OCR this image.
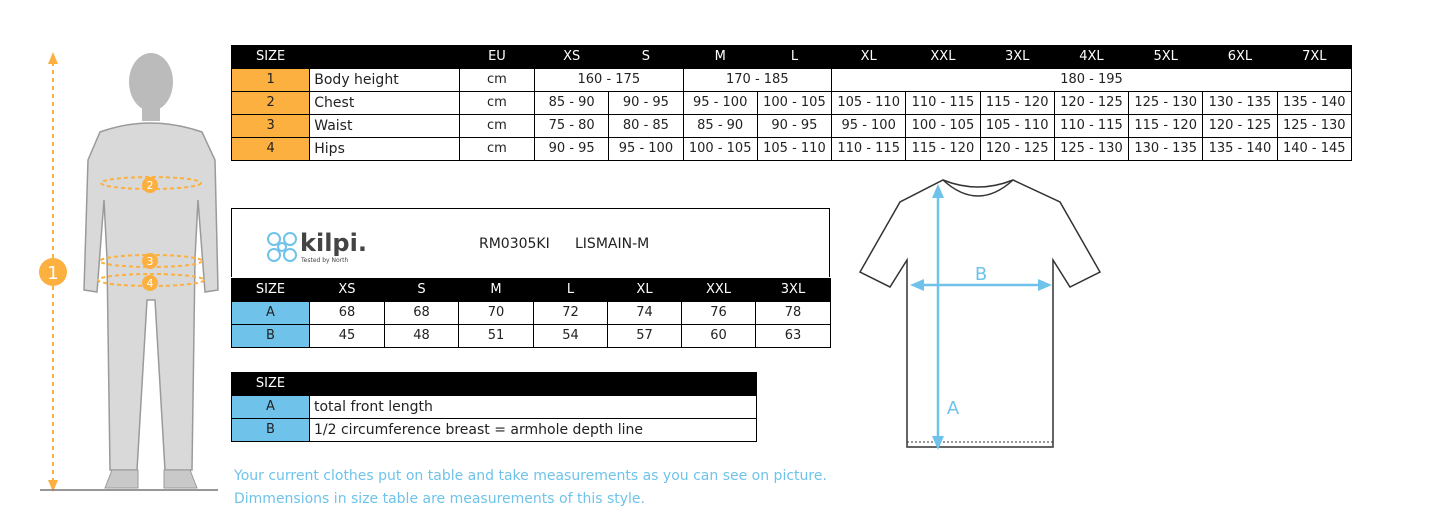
1
2
3
4
SIZE		EU	XS	S	M	L	XL	XXL	3XL	4XL	5XL	6XL	7XL
1	Body height	cm	160 - 175		170 - 185		180 - 195						
2	Chest	cm	85 - 90	90 - 95	95 - 100	100 - 105	105 - 110	110 - 115	115 - 120	120 - 125	125 - 130	130 - 135	135 - 140
3	Waist	cm	75 - 80	80 - 85	85 - 90	90 - 95	95 - 100	100 - 105	105 - 110	110 - 115	115 - 120	120 - 125	125 - 130
4	Hips	cm	90 - 95	95 - 100	100 - 105	105 - 110	110 - 115	115 - 120	120 - 125	125 - 130	130 - 135	135 - 140	140 - 145
kilpi.
Tested by North
RM0305KI LISMAIN-M
SIZE	XS	S	M	L	XL	XXL	3XL
A	68	68	70	72	74	76	78
B	45	48	51	54	57	60	63
SIZE	
A	total front length
B	1/2 circumference breast = armhole depth line
B
A
Your current clothes put on table and take measurements as you can see on picture.
Dimmensions in size table are measurements of this style.
